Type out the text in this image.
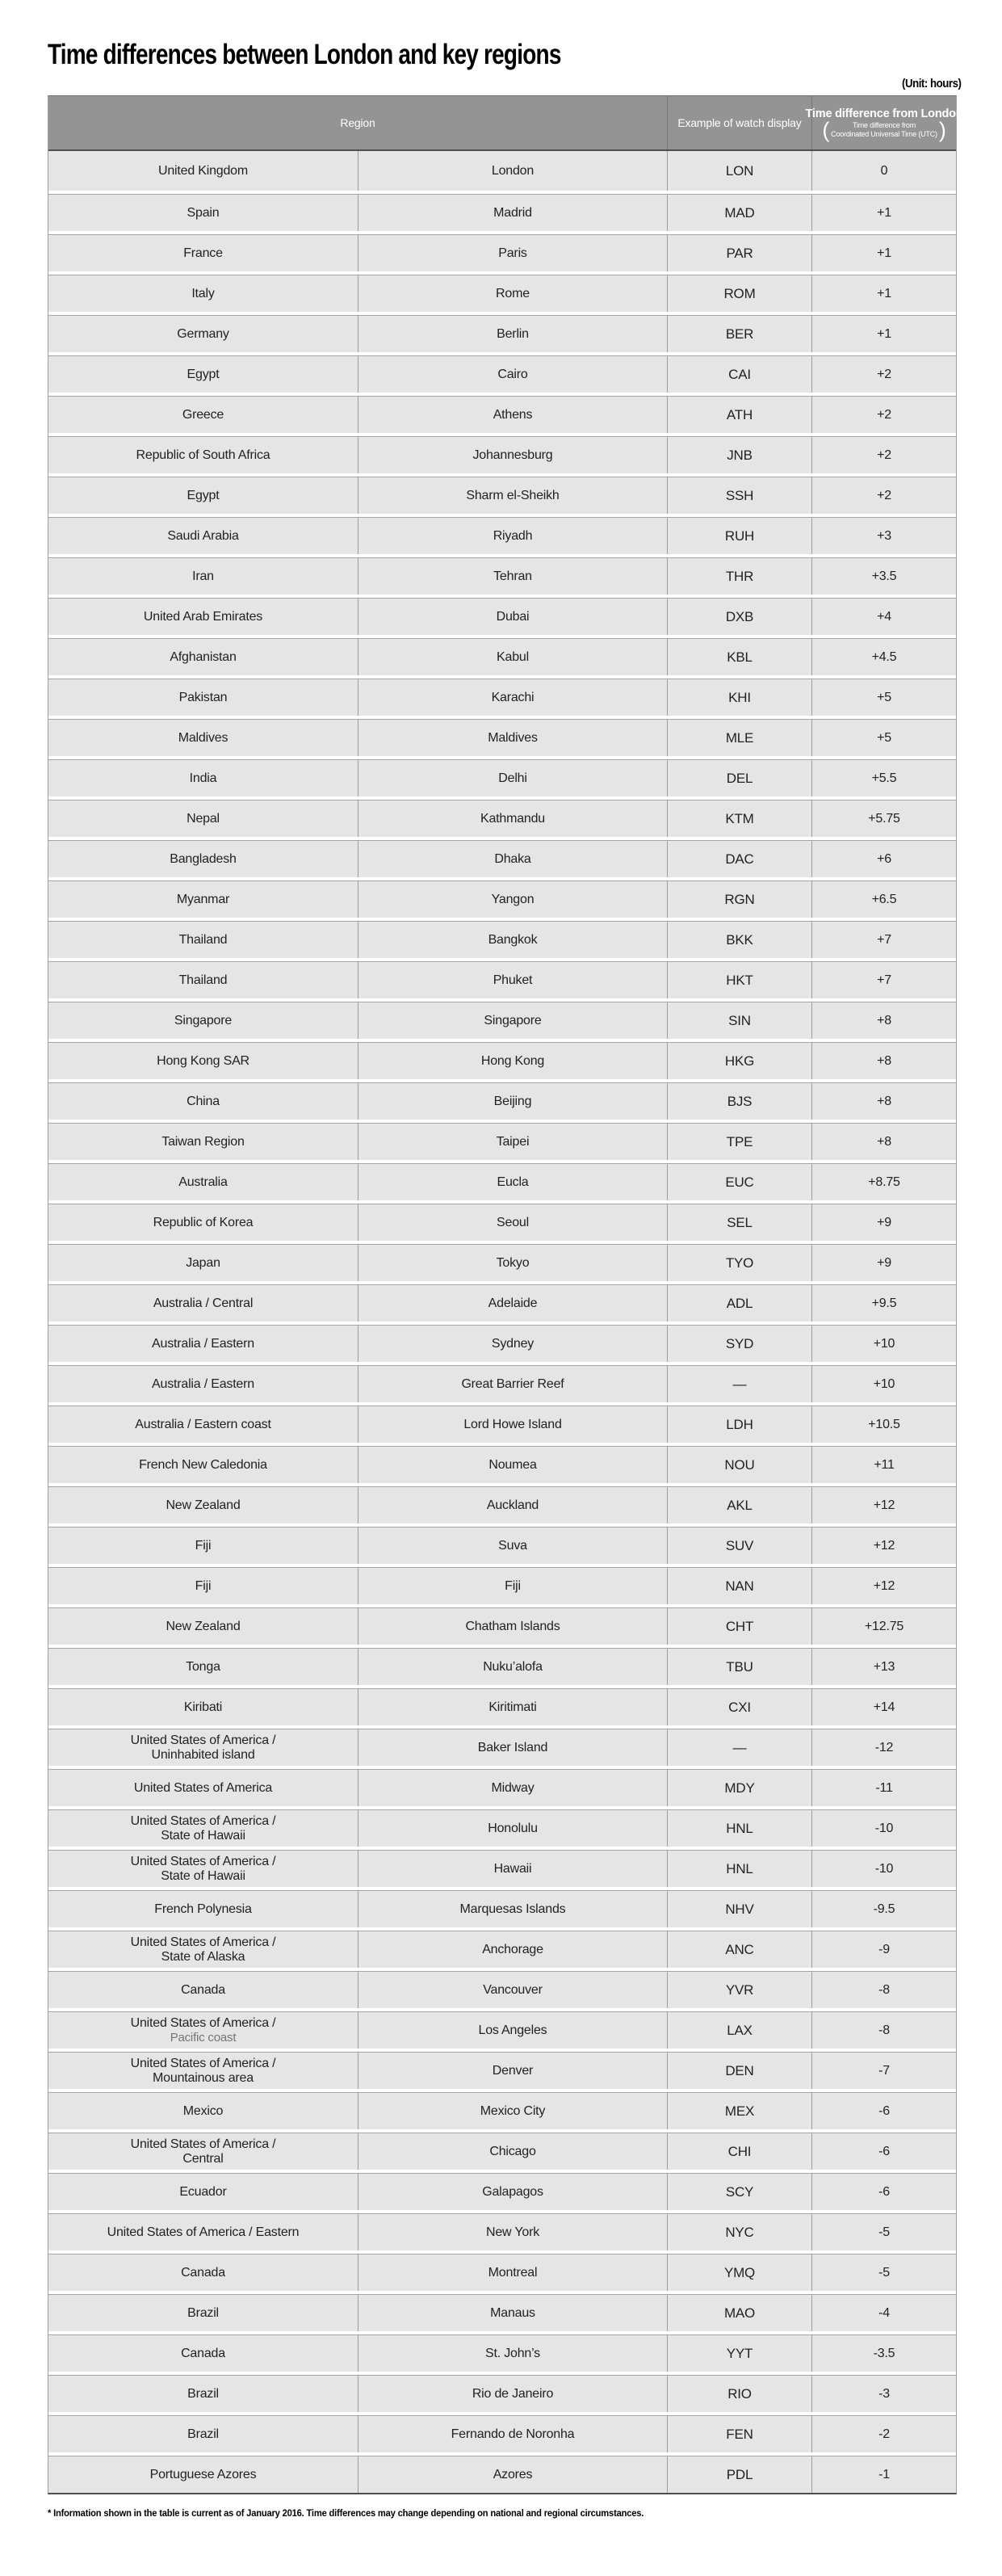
Time differences between London and key regions
(Unit: hours)
Region	Example of watch display
Time difference from London
(	Time difference from
Coordinated Universal Time (UTC) )
United Kingdom	London	LON	0
Spain	Madrid	MAD	+1
France	Paris	PAR	+1
Italy	Rome	ROM	+1
Germany	Berlin	BER	+1
Egypt	Cairo	CAI	+2
Greece	Athens	ATH	+2
Republic of South Africa	Johannesburg	JNB	+2
Egypt	Sharm el-Sheikh	SSH	+2
Saudi Arabia	Riyadh	RUH	+3
Iran	Tehran	THR	+3.5
United Arab Emirates	Dubai	DXB	+4
Afghanistan	Kabul	KBL	+4.5
Pakistan	Karachi	KHI	+5
Maldives	Maldives	MLE	+5
India	Delhi	DEL	+5.5
Nepal	Kathmandu	KTM	+5.75
Bangladesh	Dhaka	DAC	+6
Myanmar	Yangon	RGN	+6.5
Thailand	Bangkok	BKK	+7
Thailand	Phuket	HKT	+7
Singapore	Singapore	SIN	+8
Hong Kong SAR	Hong Kong	HKG	+8
China	Beijing	BJS	+8
Taiwan Region	Taipei	TPE	+8
Australia	Eucla	EUC	+8.75
Republic of Korea	Seoul	SEL	+9
Japan	Tokyo	TYO	+9
Australia / Central	Adelaide	ADL	+9.5
Australia / Eastern	Sydney	SYD	+10
Australia / Eastern	Great Barrier Reef	—	+10
Australia / Eastern coast	Lord Howe Island	LDH	+10.5
French New Caledonia	Noumea	NOU	+11
New Zealand	Auckland	AKL	+12
Fiji	Suva	SUV	+12
Fiji	Fiji	NAN	+12
New Zealand	Chatham Islands	CHT	+12.75
Tonga	Nuku’alofa	TBU	+13
Kiribati	Kiritimati	CXI	+14
United States of America /
Uninhabited island
Baker Island	—	-12
United States of America	Midway	MDY	-11
United States of America /
State of Hawaii
Honolulu	HNL	-10
United States of America /
State of Hawaii
Hawaii	HNL	-10
French Polynesia	Marquesas Islands	NHV	-9.5
United States of America /
State of Alaska
Anchorage	ANC	-9
Canada	Vancouver	YVR	-8
United States of America /
Pacific coast
Los Angeles	LAX	-8
United States of America /
Mountainous area
Denver	DEN	-7
Mexico	Mexico City	MEX	-6
United States of America /
Central
Chicago	CHI	-6
Ecuador	Galapagos	SCY	-6
United States of America / Eastern	New York	NYC	-5
Canada	Montreal	YMQ	-5
Brazil	Manaus	MAO	-4
Canada	St. John’s	YYT	-3.5
Brazil	Rio de Janeiro	RIO	-3
Brazil	Fernando de Noronha	FEN	-2
Portuguese Azores	Azores	PDL	-1
* Information shown in the table is current as of January 2016. Time differences may change depending on national and regional circumstances.
